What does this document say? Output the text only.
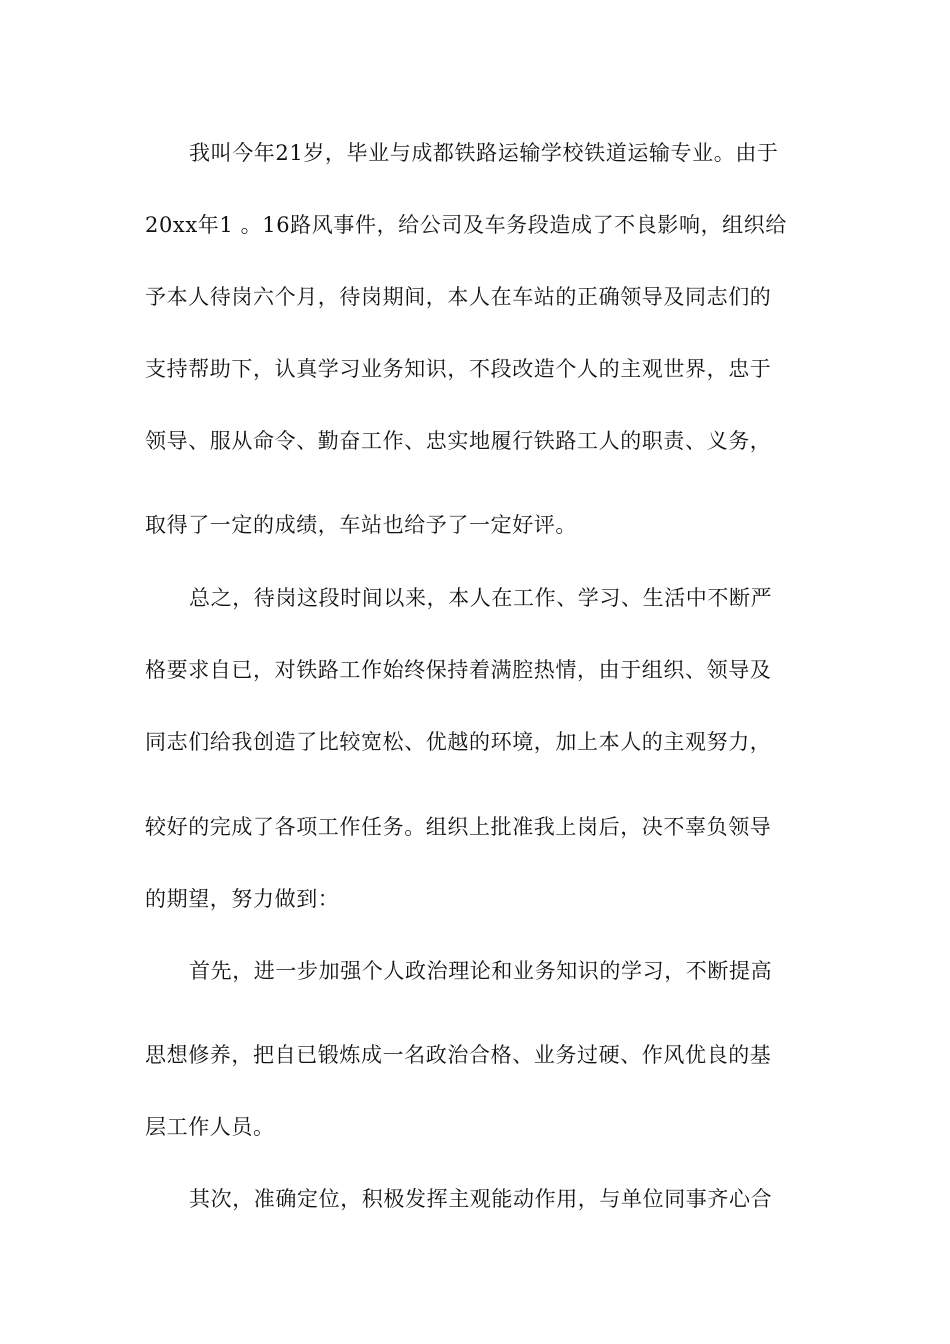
我叫今年21岁，毕业与成都铁路运输学校铁道运输专业。由于
20xx年1 。16路风事件，给公司及车务段造成了不良影响，组织给
予本人待岗六个月，待岗期间，本人在车站的正确领导及同志们的
支持帮助下，认真学习业务知识，不段改造个人的主观世界，忠于
领导、服从命令、勤奋工作、忠实地履行铁路工人的职责、义务，
取得了一定的成绩，车站也给予了一定好评。
总之，待岗这段时间以来，本人在工作、学习、生活中不断严
格要求自已，对铁路工作始终保持着满腔热情，由于组织、领导及
同志们给我创造了比较宽松、优越的环境，加上本人的主观努力，
较好的完成了各项工作任务。组织上批准我上岗后，决不辜负领导
的期望，努力做到：
首先，进一步加强个人政治理论和业务知识的学习，不断提高
思想修养，把自已锻炼成一名政治合格、业务过硬、作风优良的基
层工作人员。
其次，准确定位，积极发挥主观能动作用，与单位同事齐心合
